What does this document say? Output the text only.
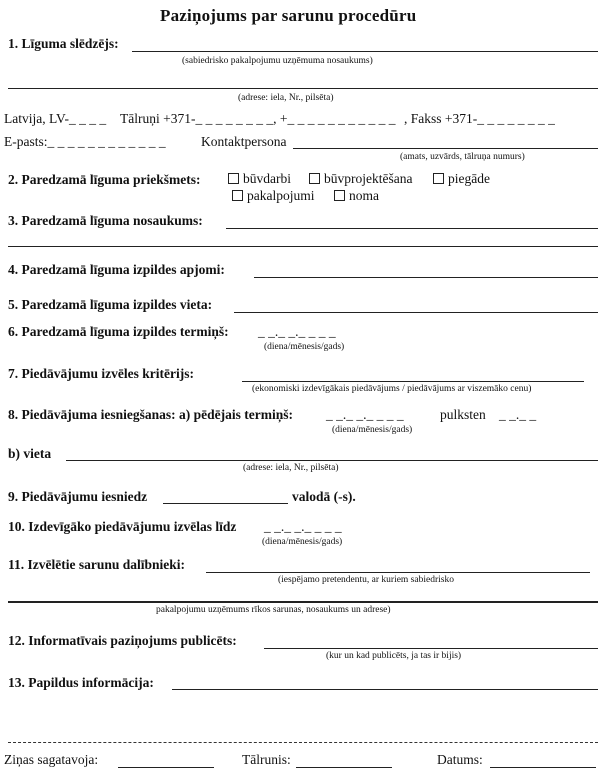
Paziņojums par sarunu procedūru
1. Līguma slēdzējs:
(sabiedrisko pakalpojumu uzņēmuma nosaukums)
(adrese: iela, Nr., pilsēta)
Latvija, LV-_ _ _ _ Tālruņi +371-_ _ _ _ _ _ _ _, +_ _ _ _ _ _ _ _ _ _ _ , Fakss +371-_ _ _ _ _ _ _ _
E-pasts:_ _ _ _ _ _ _ _ _ _ _ _	Kontaktpersona
(amats, uzvārds, tālruņa numurs)
2. Paredzamā līguma priekšmets:	būvdarbi	būvprojektēšana	piegāde
pakalpojumi	noma
3. Paredzamā līguma nosaukums:
4. Paredzamā līguma izpildes apjomi:
5. Paredzamā līguma izpildes vieta:
6. Paredzamā līguma izpildes termiņš: _ _._ _._ _ _ _
(diena/mēnesis/gads)
7. Piedāvājumu izvēles kritērijs:
(ekonomiski izdevīgākais piedāvājums / piedāvājums ar viszemāko cenu)
8. Piedāvājuma iesniegšanas: a) pēdējais termiņš: _ _._ _._ _ _ _	pulksten _ _._ _
(diena/mēnesis/gads)
b) vieta
(adrese: iela, Nr., pilsēta)
9. Piedāvājumu iesniedz	valodā (-s).
10. Izdevīgāko piedāvājumu izvēlas līdz _ _._ _._ _ _ _
(diena/mēnesis/gads)
11. Izvēlētie sarunu dalībnieki:
(iespējamo pretendentu, ar kuriem sabiedrisko
pakalpojumu uzņēmums rīkos sarunas, nosaukums un adrese)
12. Informatīvais paziņojums publicēts:
(kur un kad publicēts, ja tas ir bijis)
13. Papildus informācija:
Ziņas sagatavoja:	Tālrunis:	Datums:
